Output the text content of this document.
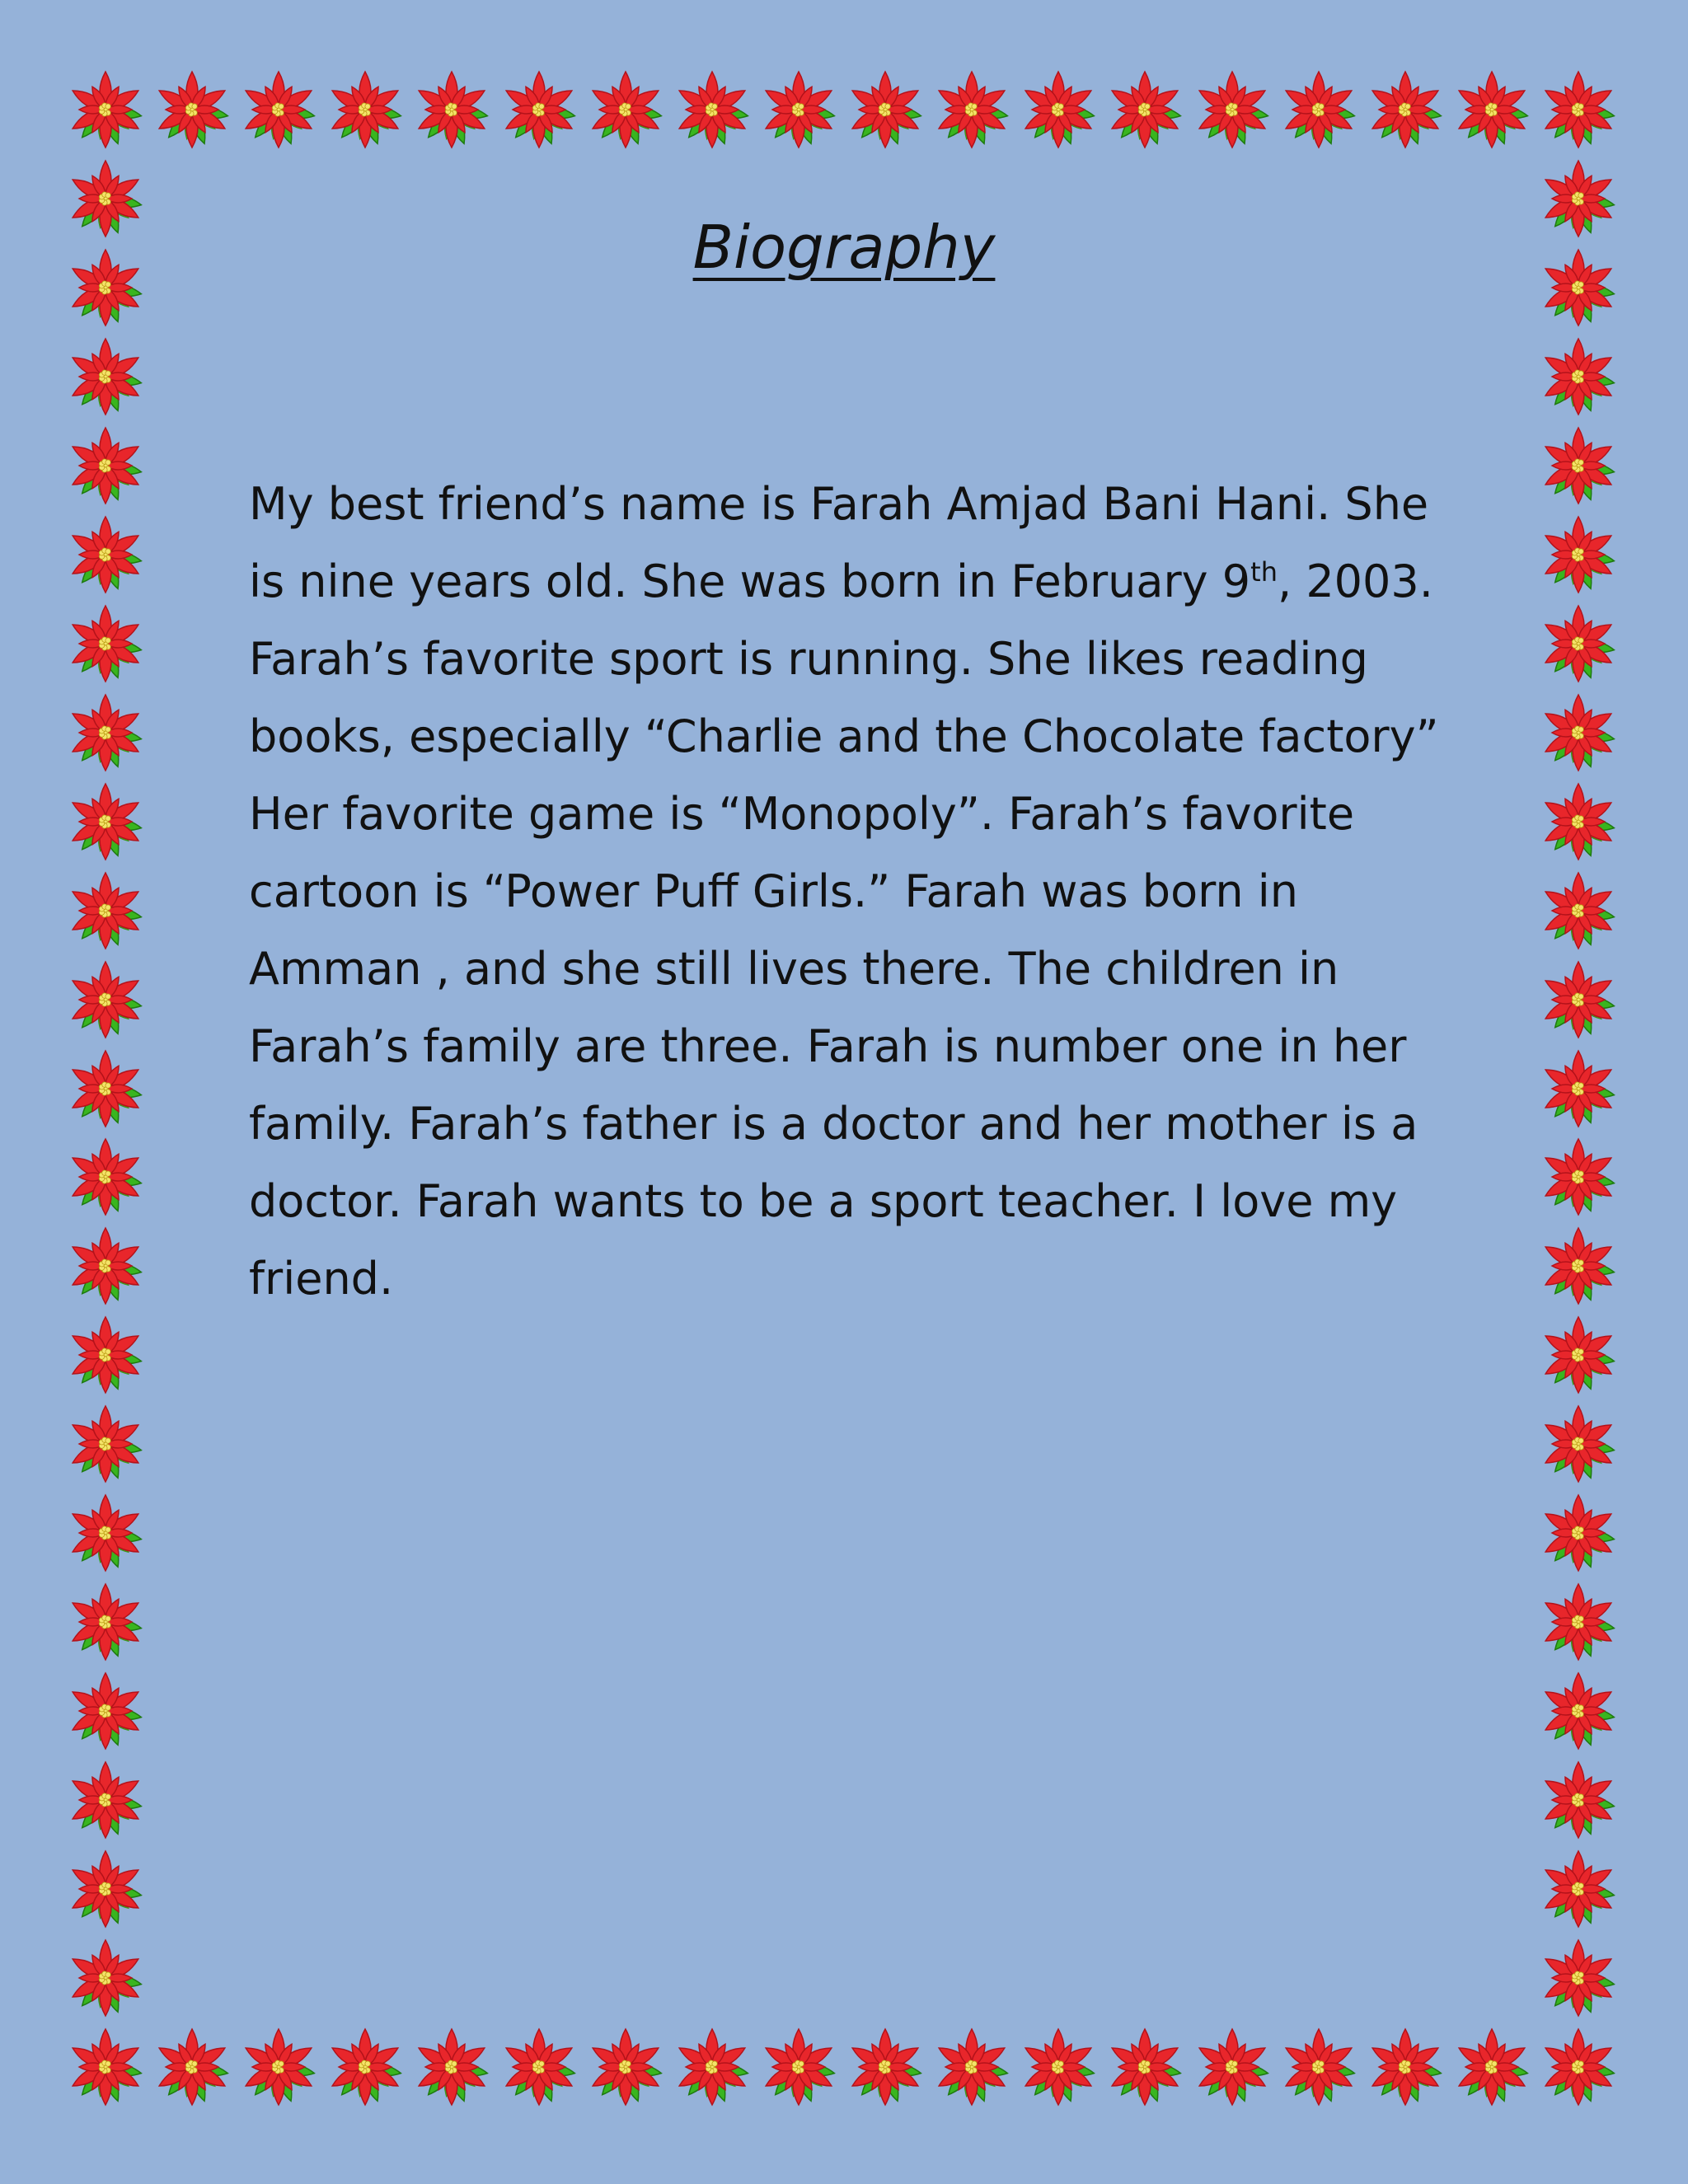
Biography
My best friend’s name is Farah Amjad Bani Hani. She
is nine years old. She was born in February 9th, 2003.
Farah’s favorite sport is running. She likes reading
books, especially “Charlie and the Chocolate factory”
Her favorite game is “Monopoly”. Farah’s favorite
cartoon is “Power Puff Girls.” Farah was born in
Amman , and she still lives there. The children in
Farah’s family are three. Farah is number one in her
family. Farah’s father is a doctor and her mother is a
doctor. Farah wants to be a sport teacher. I love my
friend.
